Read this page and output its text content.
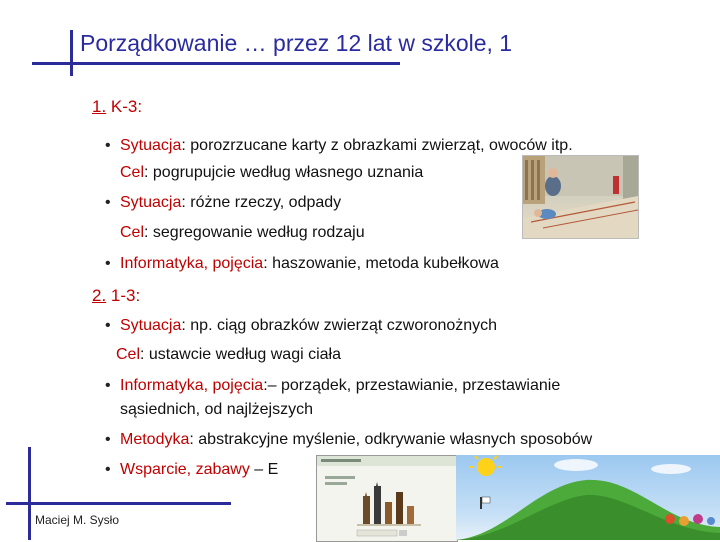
Porządkowanie … przez 12 lat w szkole, 1
1. K-3:
• Sytuacja: porozrzucane karty z obrazkami zwierząt, owoców itp.
Cel: pogrupujcie według własnego uznania
• Sytuacja: różne rzeczy, odpady
Cel: segregowanie według rodzaju
• Informatyka, pojęcia: haszowanie, metoda kubełkowa
2. 1-3:
• Sytuacja: np. ciąg obrazków zwierząt czworonożnych
Cel: ustawcie według wagi ciała
• Informatyka, pojęcia:– porządek, przestawianie, przestawianie
sąsiednich, od najlżejszych
• Metodyka: abstrakcyjne myślenie, odkrywanie własnych sposobów
• Wsparcie, zabawy – E
Maciej M. Sysło
